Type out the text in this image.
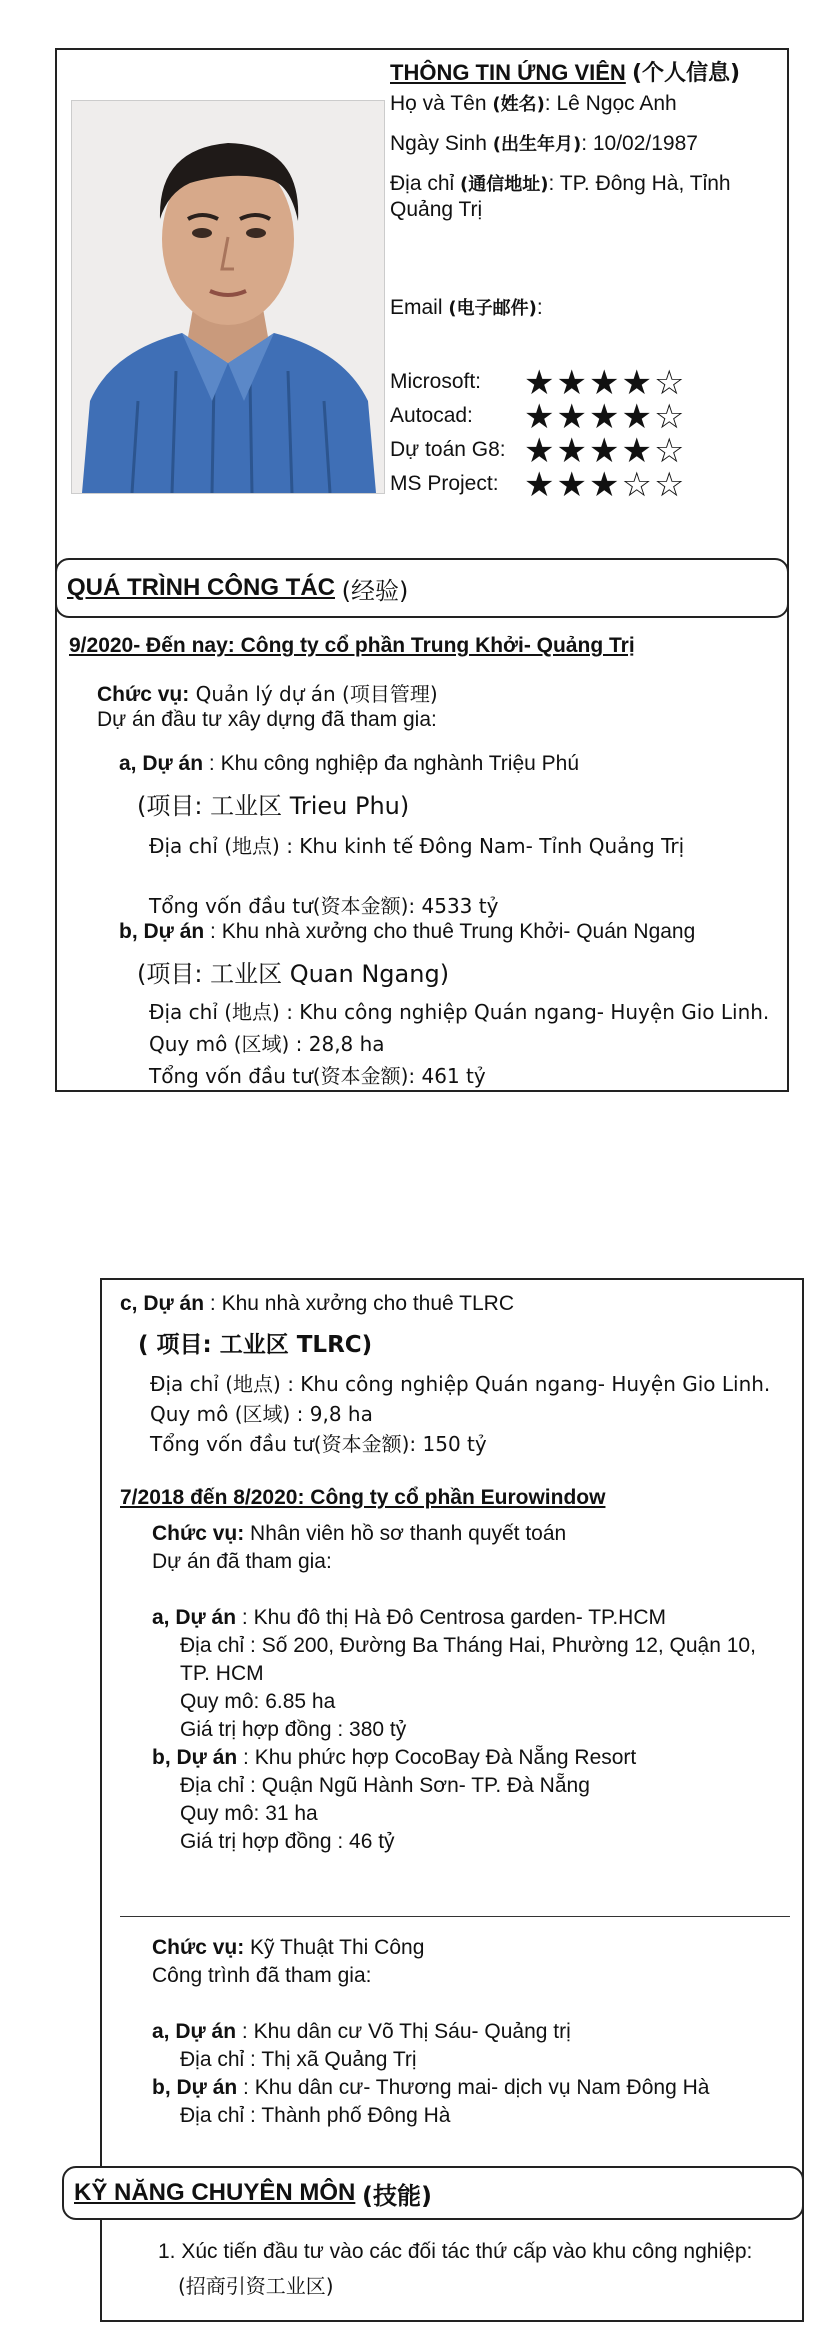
THÔNG TIN ỨNG VIÊN (个人信息)
Họ và Tên (姓名): Lê Ngọc Anh
Ngày Sinh (出生年月): 10/02/1987
Địa chỉ (通信地址): TP. Đông Hà, Tỉnh
Quảng Trị
Email (电子邮件):
Microsoft: ★★★★☆
Autocad: ★★★★☆
Dự toán G8: ★★★★☆
MS Project: ★★★☆☆
QUÁ TRÌNH CÔNG TÁC
(经验)
9/2020- Đến nay: Công ty cổ phần Trung Khởi- Quảng Trị
Chức vụ: Quản lý dự án (项目管理)
Dự án đầu tư xây dựng đã tham gia:
a, Dự án : Khu công nghiệp đa nghành Triệu Phú
(项目: 工业区 Trieu Phu)
Địa chỉ (地点) : Khu kinh tế Đông Nam- Tỉnh Quảng Trị
Tổng vốn đầu tư(资本金额): 4533 tỷ
b, Dự án : Khu nhà xưởng cho thuê Trung Khởi- Quán Ngang
(项目: 工业区 Quan Ngang)
Địa chỉ (地点) : Khu công nghiệp Quán ngang- Huyện Gio Linh.
Quy mô (区域) : 28,8 ha
Tổng vốn đầu tư(资本金额): 461 tỷ
c, Dự án : Khu nhà xưởng cho thuê TLRC
( 项目: 工业区 TLRC)
Địa chỉ (地点) : Khu công nghiệp Quán ngang- Huyện Gio Linh.
Quy mô (区域) : 9,8 ha
Tổng vốn đầu tư(资本金额): 150 tỷ
7/2018 đến 8/2020: Công ty cổ phần Eurowindow
Chức vụ: Nhân viên hồ sơ thanh quyết toán
Dự án đã tham gia:
a, Dự án : Khu đô thị Hà Đô Centrosa garden- TP.HCM
Địa chỉ : Số 200, Đường Ba Tháng Hai, Phường 12, Quận 10,
TP. HCM
Quy mô: 6.85 ha
Giá trị hợp đồng : 380 tỷ
b, Dự án : Khu phức hợp CocoBay Đà Nẵng Resort
Địa chỉ : Quận Ngũ Hành Sơn- TP. Đà Nẵng
Quy mô: 31 ha
Giá trị hợp đồng : 46 tỷ
Chức vụ: Kỹ Thuật Thi Công
Công trình đã tham gia:
a, Dự án : Khu dân cư Võ Thị Sáu- Quảng trị
Địa chỉ : Thị xã Quảng Trị
b, Dự án : Khu dân cư- Thương mai- dịch vụ Nam Đông Hà
Địa chỉ : Thành phố Đông Hà
KỸ NĂNG CHUYÊN MÔN
(技能)
1. Xúc tiến đầu tư vào các đối tác thứ cấp vào khu công nghiệp:
(招商引资工业区)
